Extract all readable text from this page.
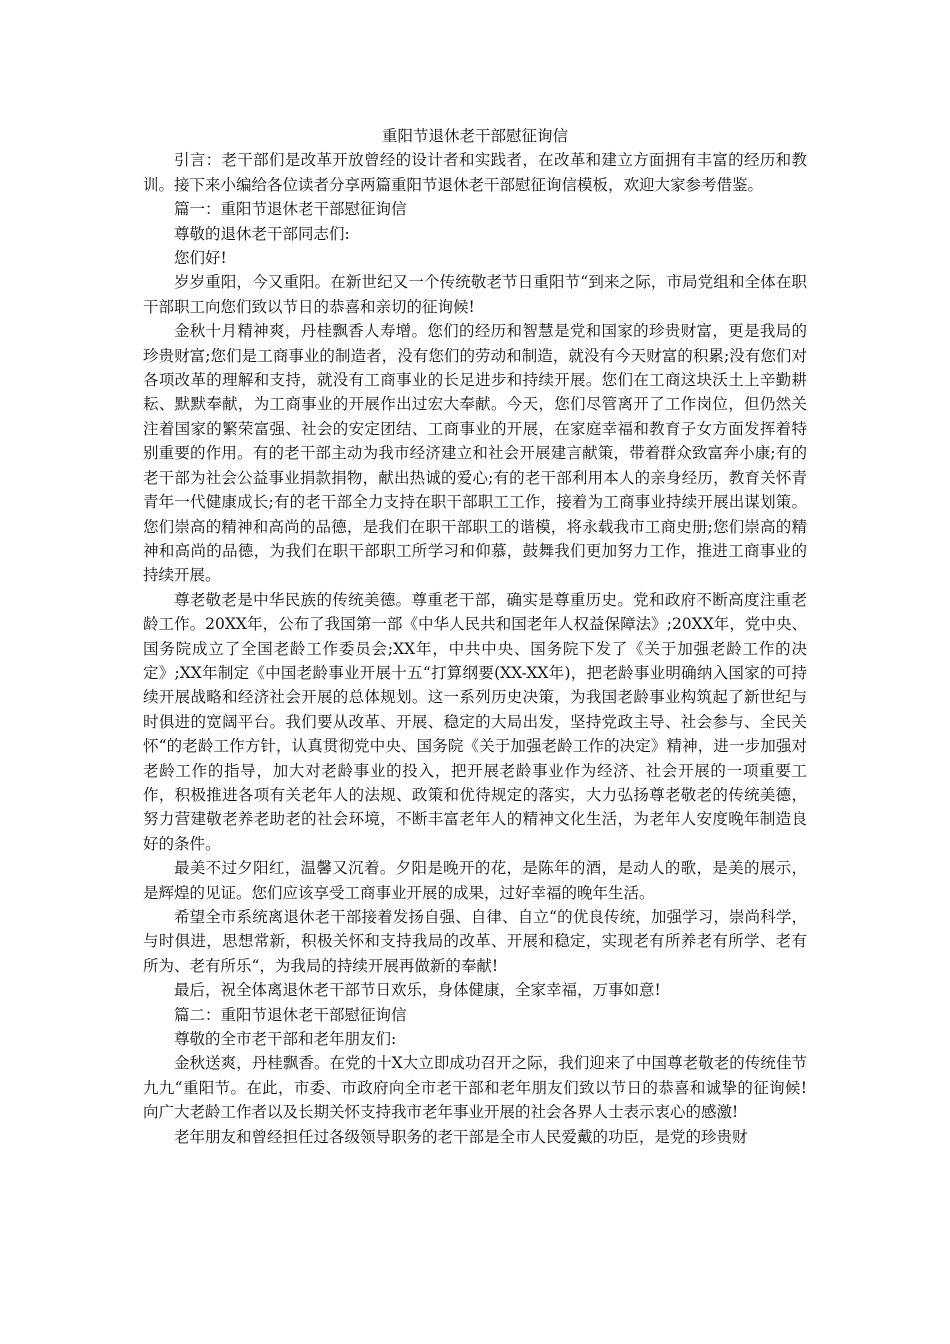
重阳节退休老干部慰征询信

引言：老干部们是改革开放曾经的设计者和实践者，在改革和建立方面拥有丰富的经历和教训。接下来小编给各位读者分享两篇重阳节退休老干部慰征询信模板，欢迎大家参考借鉴。

篇一：重阳节退休老干部慰征询信

尊敬的退休老干部同志们:

您们好!

岁岁重阳，今又重阳。在新世纪又一个传统敬老节日重阳节“到来之际，市局党组和全体在职干部职工向您们致以节日的恭喜和亲切的征询候!

金秋十月精神爽，丹桂飘香人寿增。您们的经历和智慧是党和国家的珍贵财富，更是我局的珍贵财富;您们是工商事业的制造者，没有您们的劳动和制造，就没有今天财富的积累;没有您们对各项改革的理解和支持，就没有工商事业的长足进步和持续开展。您们在工商这块沃土上辛勤耕耘、默默奉献，为工商事业的开展作出过宏大奉献。今天，您们尽管离开了工作岗位，但仍然关注着国家的繁荣富强、社会的安定团结、工商事业的开展，在家庭幸福和教育子女方面发挥着特别重要的作用。有的老干部主动为我市经济建立和社会开展建言献策，带着群众致富奔小康;有的老干部为社会公益事业捐款捐物，献出热诚的爱心;有的老干部利用本人的亲身经历，教育关怀青青年一代健康成长;有的老干部全力支持在职干部职工工作，接着为工商事业持续开展出谋划策。您们崇高的精神和高尚的品德，是我们在职干部职工的谐模，将永载我市工商史册;您们崇高的精神和高尚的品德，为我们在职干部职工所学习和仰慕，鼓舞我们更加努力工作，推进工商事业的持续开展。

尊老敬老是中华民族的传统美德。尊重老干部，确实是尊重历史。党和政府不断高度注重老龄工作。20XX年，公布了我国第一部《中华人民共和国老年人权益保障法》;20XX年，党中央、国务院成立了全国老龄工作委员会;XX年，中共中央、国务院下发了《关于加强老龄工作的决定》;XX年制定《中国老龄事业开展十五“打算纲要(XX-XX年)，把老龄事业明确纳入国家的可持续开展战略和经济社会开展的总体规划。这一系列历史决策，为我国老龄事业构筑起了新世纪与时俱进的宽阔平台。我们要从改革、开展、稳定的大局出发，坚持党政主导、社会参与、全民关怀“的老龄工作方针，认真贯彻党中央、国务院《关于加强老龄工作的决定》精神，进一步加强对老龄工作的指导，加大对老龄事业的投入，把开展老龄事业作为经济、社会开展的一项重要工作，积极推进各项有关老年人的法规、政策和优待规定的落实，大力弘扬尊老敬老的传统美德，努力营建敬老养老助老的社会环境，不断丰富老年人的精神文化生活，为老年人安度晚年制造良好的条件。

最美不过夕阳红，温馨又沉着。夕阳是晚开的花，是陈年的酒，是动人的歌，是美的展示，是辉煌的见证。您们应该享受工商事业开展的成果，过好幸福的晚年生活。

希望全市系统离退休老干部接着发扬自强、自律、自立“的优良传统，加强学习，崇尚科学，与时俱进，思想常新，积极关怀和支持我局的改革、开展和稳定，实现老有所养老有所学、老有所为、老有所乐“，为我局的持续开展再做新的奉献!

最后，祝全体离退休老干部节日欢乐，身体健康，全家幸福，万事如意!

篇二：重阳节退休老干部慰征询信

尊敬的全市老干部和老年朋友们:

金秋送爽，丹桂飘香。在党的十X大立即成功召开之际，我们迎来了中国尊老敬老的传统佳节九九“重阳节。在此，市委、市政府向全市老干部和老年朋友们致以节日的恭喜和诚挚的征询候!向广大老龄工作者以及长期关怀支持我市老年事业开展的社会各界人士表示衷心的感激!

老年朋友和曾经担任过各级领导职务的老干部是全市人民爱戴的功臣，是党的珍贵财
